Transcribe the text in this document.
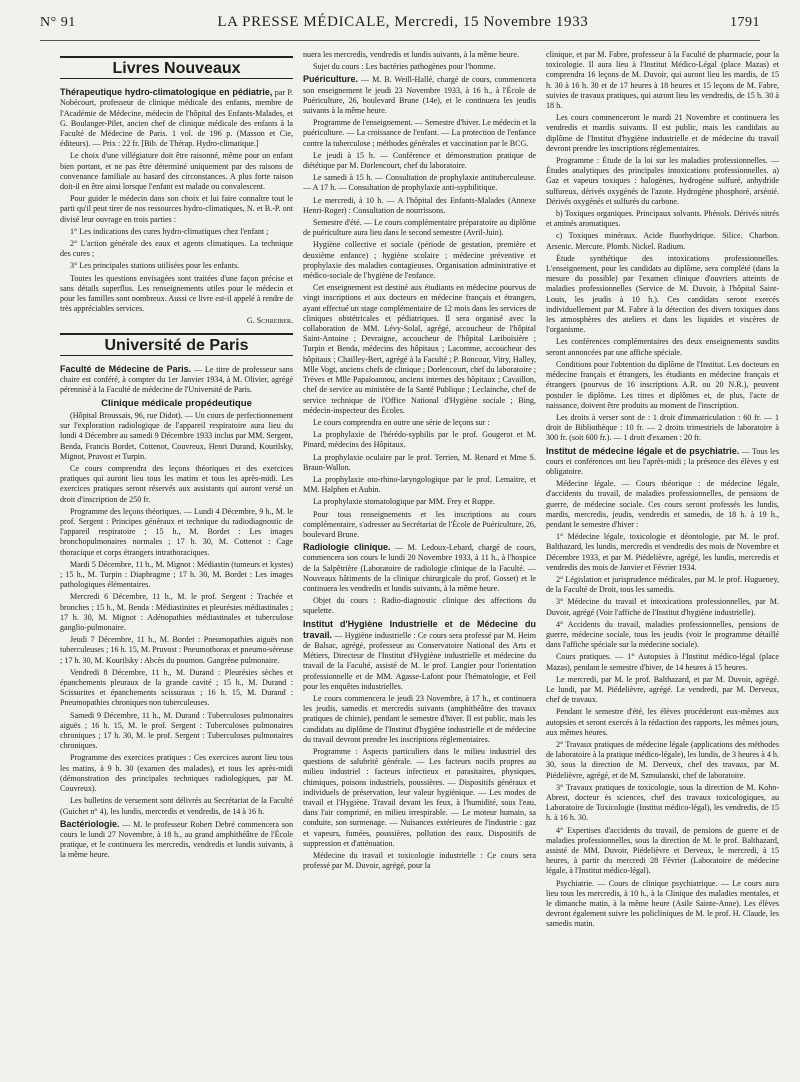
N° 91	LA PRESSE MÉDICALE, Mercredi, 15 Novembre 1933	1791
Livres Nouveaux

Thérapeutique hydro-climatologique en pédiatrie, par P. Nobécourt, professeur de clinique médicale des enfants, membre de l'Académie de Médecine, médecin de l'hôpital des Enfants-Malades, et G. Boulanger-Pilet, ancien chef de clinique médicale des enfants à la Faculté de Médecine de Paris. 1 vol. de 196 p. (Masson et Cie, éditeurs). — Prix : 22 fr. [Bib. de Thérap. Hydro-climatique.]

Le choix d'une villégiature doit être raisonné, même pour un enfant bien portant, et ne pas être déterminé uniquement par des raisons de convenance familiale au hasard des circonstances. A plus forte raison doit-il en être ainsi lorsque l'enfant est malade ou convalescent.

Pour guider le médecin dans son choix et lui faire connaître tout le parti qu'il peut tirer de nos ressources hydro-climatiques, N. et B.-P. ont divisé leur ouvrage en trois parties :

1° Les indications des cures hydro-climatiques chez l'enfant ;

2° L'action générale des eaux et agents climatiques. La technique des cures ;

3° Les principales stations utilisées pour les enfants.

Toutes les questions envisagées sont traitées d'une façon précise et sans détails superflus. Les renseignements utiles pour le médecin et pour les familles sont nombreux. Aussi ce livre est-il appelé à rendre de très appréciables services.

G. Schreiber.
Université de Paris

Faculté de Médecine de Paris. — Le titre de professeur sans chaire est conféré, à compter du 1er Janvier 1934, à M. Olivier, agrégé pérennisé à la Faculté de médecine de l'Université de Paris.

Clinique médicale propédeutique

(Hôpital Broussais, 96, rue Didot). — Un cours de perfectionnement sur l'exploration radiologique de l'appareil respiratoire aura lieu du lundi 4 Décembre au samedi 9 Décembre 1933 inclus par MM. Sergent, Benda, Francis Bordet, Cottenot, Couvreux, Henri Durand, Kourilsky, Mignot, Pruvost et Turpin.

Ce cours comprendra des leçons théoriques et des exercices pratiques qui auront lieu tous les matins et tous les après-midi. Les exercices pratiques seront réservés aux assistants qui auront versé un droit d'inscription de 250 fr.

Programme des leçons théoriques. — Lundi 4 Décembre, 9 h., M. le prof. Sergent : Principes généraux et technique du radiodiagnostic de l'appareil respiratoire ; 15 h., M. Bordet : Les images bronchopulmonaires normales ; 17 h. 30, M. Cottenot : Cage thoracique et corps étrangers intrathoraciques.

Mardi 5 Décembre, 11 h., M. Mignot : Médiastin (tumeurs et kystes) ; 15 h., M. Turpin : Diaphragme ; 17 h. 30, M. Bordet : Les images pathologiques élémentaires.

Mercredi 6 Décembre, 11 h., M. le prof. Sergent : Trachée et bronches ; 15 h., M. Benda : Médiastinites et pleurésies médiastinales ; 17 h. 30, M. Mignot : Adénopathies médiastinales et tuberculose ganglio-pulmonaire.

Jeudi 7 Décembre, 11 h., M. Bordet : Pneumopathies aiguës non tuberculeuses ; 16 h. 15, M. Pruvost : Pneumothorax et pneumo-séreuse ; 17 h. 30, M. Kourilsky : Abcès du poumon. Gangrène pulmonaire.

Vendredi 8 Décembre, 11 h., M. Durand : Pleurésies sèches et épanchements pleuraux de la grande cavité ; 15 h., M. Durand : Scissurites et épanchements scissuraux ; 16 h. 15, M. Durand : Pneumopathies chroniques non tuberculeuses.

Samedi 9 Décembre, 11 h., M. Durand : Tuberculoses pulmonaires aiguës ; 16 h. 15, M. le prof. Sergent : Tuberculoses pulmonaires chroniques ; 17 h. 30, M. le prof. Sergent : Tuberculoses pulmonaires chroniques.

Programme des exercices pratiques : Ces exercices auront lieu tous les matins, à 9 h. 30 (examen des malades), et tous les après-midi (démonstration des principales techniques radiologiques, par M. Couvreux).

Les bulletins de versement sont délivrés au Secrétariat de la Faculté (Guichet n° 4), les lundis, mercredis et vendredis, de 14 à 16 h.

Bactériologie. — M. le professeur Robert Debré commencera son cours le lundi 27 Novembre, à 18 h., au grand amphithéâtre de l'École pratique, et le continuera les mercredis, vendredis et lundis suivants, à la même heure.

nuera les mercredis, vendredis et lundis suivants, à la même heure.

Sujet du cours : Les bactéries pathogènes pour l'homme.

Puériculture. — M. B. Weill-Hallé, chargé de cours, commencera son enseignement le jeudi 23 Novembre 1933, à 16 h., à l'École de Puériculture, 26, boulevard Brune (14e), et le continuera les jeudis suivants à la même heure.

Programme de l'enseignement. — Semestre d'hiver. Le médecin et la puériculture. — La croissance de l'enfant. — La protection de l'enfance contre la tuberculose ; méthodes générales et vaccination par le BCG.

Le jeudi à 15 h. — Conférence et démonstration pratique de diététique par M. Dorlencourt, chef du laboratoire.

Le samedi à 15 h. — Consultation de prophylaxie antituberculeuse. — A 17 h. — Consultation de prophylaxie anti-syphilitique.

Le mercredi, à 10 h. — A l'hôpital des Enfants-Malades (Annexe Henri-Roger) : Consultation de nourrissons.

Semestre d'été. — Le cours complémentaire préparatoire au diplôme de puériculture aura lieu dans le second semestre (Avril-Juin).

Hygiène collective et sociale (période de gestation, première et deuxième enfance) ; hygiène scolaire ; médecine préventive et prophylaxie des maladies contagieuses. Organisation administrative et médico-sociale de l'hygiène de l'enfance.

Cet enseignement est destiné aux étudiants en médecine pourvus de vingt inscriptions et aux docteurs en médecine français et étrangers, ayant effectué un stage complémentaire de 12 mois dans les services de cliniques obstétricales et pédiatriques. Il sera organisé avec la collaboration de MM. Lévy-Solal, agrégé, accoucheur de l'hôpital Saint-Antoine ; Devraigne, accoucheur de l'hôpital Lariboisière ; Turpin et Benda, médecins des hôpitaux ; Lacomme, accoucheur des hôpitaux ; Chailley-Bert, agrégé à la Faculté ; P. Boncour, Vitry, Halley, Mlle Vogt, anciens chefs de clinique ; Dorlencourt, chef du laboratoire ; Trèves et Mlle Papaïoannou, anciens internes des hôpitaux ; Cavaillon, chef de service au ministère de la Santé Publique ; Leclainche, chef de service technique de l'Office National d'Hygiène sociale ; Bing, médecin-inspecteur des Écoles.

Le cours comprendra en outre une série de leçons sur :

La prophylaxie de l'hérédo-syphilis par le prof. Gougerot et M. Pinard, médecins des Hôpitaux.

La prophylaxie oculaire par le prof. Terrien, M. Renard et Mme S. Braun-Wallon.

La prophylaxie oto-rhino-laryngologique par le prof. Lemaitre, et MM. Halphen et Aubin.

La prophylaxie stomatologique par MM. Frey et Ruppe.

Pour tous renseignements et les inscriptions au cours complémentaire, s'adresser au Secrétariat de l'École de Puériculture, 26, boulevard Brune.

Radiologie clinique. — M. Ledoux-Lebard, chargé de cours, commencera son cours le lundi 20 Novembre 1933, à 11 h., à l'hospice de la Salpêtrière (Laboratoire de radiologie clinique de la Faculté. — Nouveaux bâtiments de la clinique chirurgicale du prof. Gosset) et le continuera les vendredis et lundis suivants, à la même heure.

Objet du cours : Radio-diagnostic clinique des affections du squelette.

Institut d'Hygiène Industrielle et de Médecine du travail. — Hygiène industrielle : Ce cours sera professé par M. Heim de Balsac, agrégé, professeur au Conservatoire National des Arts et Métiers, Directeur de l'Institut d'Hygiène industrielle et médecine du travail de la Faculté, assisté de M. le prof. Langier pour l'orientation professionnelle et de MM. Agasse-Lafont pour l'hématologie, et Feil pour les enquêtes industrielles.

Le cours commencera le jeudi 23 Novembre, à 17 h., et continuera les jeudis, samedis et mercredis suivants (amphithéâtre des travaux pratiques de chimie), pendant le semestre d'hiver. Il est public, mais les candidats au diplôme de l'Institut d'hygiène industrielle et de médecine du travail devront prendre les inscriptions réglementaires.

Programme : Aspects particuliers dans le milieu industriel des questions de salubrité générale. — Les facteurs nocifs propres au milieu industriel : facteurs infectieux et parasitaires, physiques, chimiques, poisons industriels, poussières. — Dispositifs généraux et individuels de préservation, leur valeur hygiénique. — Les modes de travail et l'Hygiène. Travail devant les feux, à l'humidité, sous l'eau, dans l'air comprimé, en milieu irrespirable. — Le moteur humain, sa conduite, son surmenage. — Nuisances extérieures de l'industrie : gaz et vapeurs, fumées, poussières, pollution des eaux. Dispositifs de suppression et d'atténuation.

Médecine du travail et toxicologie industrielle : Ce cours sera professé par M. Duvoir, agrégé, pour la

clinique, et par M. Fabre, professeur à la Faculté de pharmacie, pour la toxicologie. Il aura lieu à l'Institut Médico-Légal (place Mazas) et comprendra 16 leçons de M. Duvoir, qui auront lieu les mardis, de 15 h. 30 à 16 h. 30 et de 17 heures à 18 heures et 15 leçons de M. Fabre, suivies de travaux pratiques, qui auront lieu les vendredis, de 15 h. 30 à 18 h.

Les cours commenceront le mardi 21 Novembre et continuera les vendredis et mardis suivants. Il est public, mais les candidats au diplôme de l'Institut d'hygiène industrielle et de médecine du travail devront prendre les inscriptions réglementaires.

Programme : Étude de la loi sur les maladies professionnelles. — Études analytiques des principales intoxications professionnelles. a) Gaz et vapeurs toxiques : halogènes, hydrogène sulfuré, anhydride sulfureux, dérivés oxygénés de l'azote. Hydrogène phosphoré, arsénié. Dérivés oxygénés et sulfurés du carbone.

b) Toxiques organiques. Principaux solvants. Phénols. Dérivés nitrés et aminés aromatiques.

c) Toxiques minéraux. Acide fluorhydrique. Silice. Charbon. Arsenic. Mercure. Plomb. Nickel. Radium.

Étude synthétique des intoxications professionnelles. L'enseignement, pour les candidats au diplôme, sera complété (dans la mesure du possible) par l'examen clinique d'ouvriers atteints de maladies professionnelles (Service de M. Duvoir, à l'hôpital Saint-Louis, les jeudis à 10 h.). Ces candidats seront exercés individuellement par M. Fabre à la détection des divers toxiques dans les atmosphères des ateliers et dans les liquides et viscères de l'organisme.

Les conférences complémentaires des deux enseignements susdits seront annoncées par une affiche spéciale.

Conditions pour l'obtention du diplôme de l'Institut. Les docteurs en médecine français et étrangers, les étudiants en médecine français et étrangers (pourvus de 16 inscriptions A.R. ou 20 N.R.), peuvent postuler le diplôme. Les titres et diplômes et, de plus, l'acte de naissance, doivent être produits au moment de l'inscription.

Les droits à verser sont de : 1 droit d'immatriculation : 60 fr. — 1 droit de Bibliothèque : 10 fr. — 2 droits trimestriels de laboratoire à 300 fr. (soit 600 fr.). — 1 droit d'examen : 20 fr.

Institut de médecine légale et de psychiatrie. — Tous les cours et conférences ont lieu l'après-midi ; la présence des élèves y est obligatoire.

Médecine légale. — Cours théorique : de médecine légale, d'accidents du travail, de maladies professionnelles, de pensions de guerre, de médecine sociale. Ces cours seront professés les lundis, mardis, mercredis, jeudis, vendredis et samedis, de 18 h. à 19 h., pendant le semestre d'hiver :

1° Médecine légale, toxicologie et déontologie, par M. le prof. Balthazard, les lundis, mercredis et vendredis des mois de Novembre et Décembre 1933, et par M. Piédelièvre, agrégé, les lundis, mercredis et vendredis des mois de Janvier et Février 1934.

2° Législation et jurisprudence médicales, par M. le prof. Hugueney, de la Faculté de Droit, tous les samedis.

3° Médecine du travail et intoxications professionnelles, par M. Duvoir, agrégé (Voir l'affiche de l'Institut d'hygiène industrielle).

4° Accidents du travail, maladies professionnelles, pensions de guerre, médecine sociale, tous les jeudis (voir le programme détaillé dans l'affiche spéciale sur la médecine sociale).

Cours pratiques. — 1° Autopsies à l'Institut médico-légal (place Mazas), pendant le semestre d'hiver, de 14 heures à 15 heures.

Le mercredi, par M. le prof. Balthazard, et par M. Duvoir, agrégé. Le lundi, par M. Piédelièvre, agrégé. Le vendredi, par M. Derveux, chef de travaux.

Pendant le semestre d'été, les élèves procéderont eux-mêmes aux autopsies et seront exercés à la rédaction des rapports, les mêmes jours, aux mêmes heures.

2° Travaux pratiques de médecine légale (applications des méthodes de laboratoire à la pratique médico-légale), les lundis, de 3 heures à 4 h. 30, sous la direction de M. Derveux, chef des travaux, par M. Piédelièvre, agrégé, et de M. Szmulanski, chef de laboratoire.

3° Travaux pratiques de toxicologie, sous la direction de M. Kohn-Abrest, docteur ès sciences, chef des travaux toxicologiques, au Laboratoire de Toxicologie (Institut médico-légal), les vendredis, de 15 h. à 16 h. 30.

4° Expertises d'accidents du travail, de pensions de guerre et de maladies professionnelles, sous la direction de M. le prof. Balthazard, assisté de MM. Duvoir, Piédelièvre et Derveux, le mercredi, à 15 heures, à partir du mercredi 28 Février (Laboratoire de médecine légale, à l'Institut médico-légal).

Psychiatrie. — Cours de clinique psychiatrique. — Le cours aura lieu tous les mercredis, à 10 h., à la Clinique des maladies mentales, et le dimanche matin, à la même heure (Asile Sainte-Anne). Les élèves devront également suivre les policliniques de M. le prof. H. Claude, les samedis matin.
